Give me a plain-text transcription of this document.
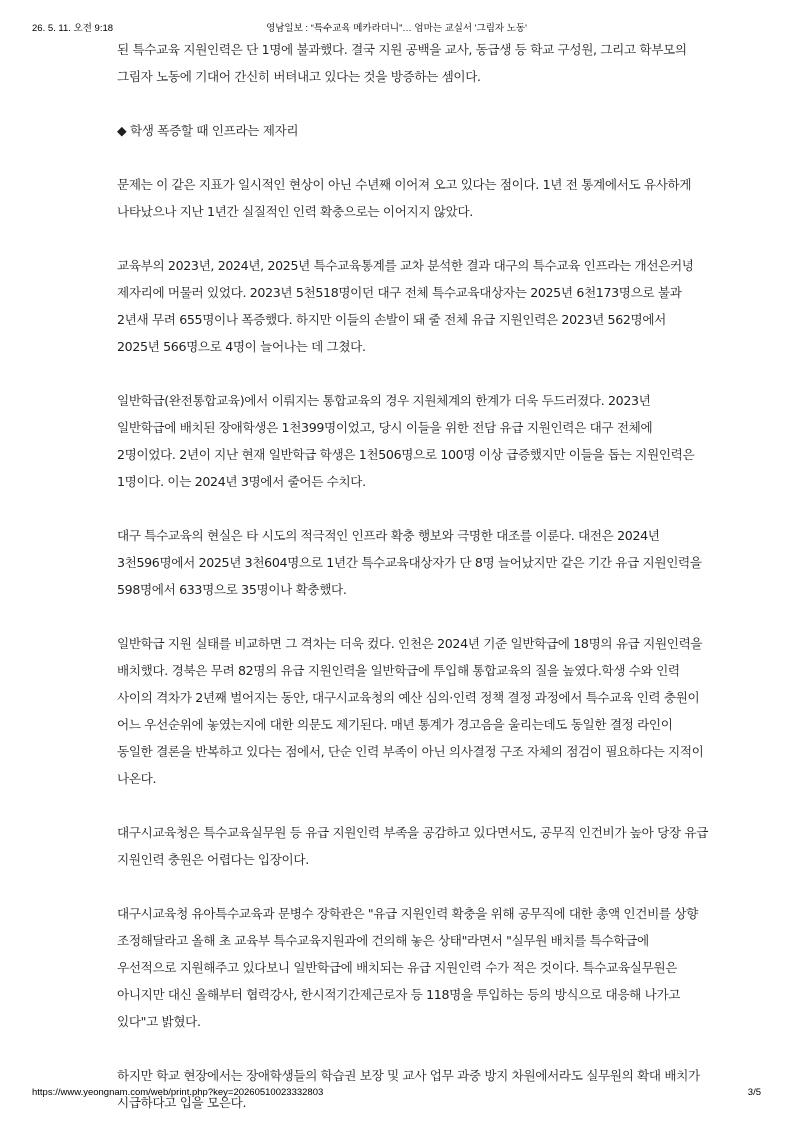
26. 5. 11. 오전 9:18	영남일보 : “특수교육 메카라더니”… 엄마는 교실서 '그림자 노동'

된 특수교육 지원인력은 단 1명에 불과했다. 결국 지원 공백을 교사, 동급생 등 학교 구성원, 그리고 학부모의 그림자 노동에 기대어 간신히 버텨내고 있다는 것을 방증하는 셈이다.

◆ 학생 폭증할 때 인프라는 제자리

문제는 이 같은 지표가 일시적인 현상이 아닌 수년째 이어져 오고 있다는 점이다. 1년 전 통계에서도 유사하게 나타났으나 지난 1년간 실질적인 인력 확충으로는 이어지지 않았다.

교육부의 2023년, 2024년, 2025년 특수교육통계를 교차 분석한 결과 대구의 특수교육 인프라는 개선은커녕 제자리에 머물러 있었다. 2023년 5천518명이던 대구 전체 특수교육대상자는 2025년 6천173명으로 불과 2년새 무려 655명이나 폭증했다. 하지만 이들의 손발이 돼 줄 전체 유급 지원인력은 2023년 562명에서 2025년 566명으로 4명이 늘어나는 데 그쳤다.

일반학급(완전통합교육)에서 이뤄지는 통합교육의 경우 지원체계의 한계가 더욱 두드러졌다. 2023년 일반학급에 배치된 장애학생은 1천399명이었고, 당시 이들을 위한 전담 유급 지원인력은 대구 전체에 2명이었다. 2년이 지난 현재 일반학급 학생은 1천506명으로 100명 이상 급증했지만 이들을 돕는 지원인력은 1명이다. 이는 2024년 3명에서 줄어든 수치다.

대구 특수교육의 현실은 타 시도의 적극적인 인프라 확충 행보와 극명한 대조를 이룬다. 대전은 2024년 3천596명에서 2025년 3천604명으로 1년간 특수교육대상자가 단 8명 늘어났지만 같은 기간 유급 지원인력을 598명에서 633명으로 35명이나 확충했다.

일반학급 지원 실태를 비교하면 그 격차는 더욱 컸다. 인천은 2024년 기준 일반학급에 18명의 유급 지원인력을 배치했다. 경북은 무려 82명의 유급 지원인력을 일반학급에 투입해 통합교육의 질을 높였다.학생 수와 인력 사이의 격차가 2년째 벌어지는 동안, 대구시교육청의 예산 심의·인력 정책 결정 과정에서 특수교육 인력 충원이 어느 우선순위에 놓였는지에 대한 의문도 제기된다. 매년 통계가 경고음을 울리는데도 동일한 결정 라인이 동일한 결론을 반복하고 있다는 점에서, 단순 인력 부족이 아닌 의사결정 구조 자체의 점검이 필요하다는 지적이 나온다.

대구시교육청은 특수교육실무원 등 유급 지원인력 부족을 공감하고 있다면서도, 공무직 인건비가 높아 당장 유급 지원인력 충원은 어렵다는 입장이다.

대구시교육청 유아특수교육과 문병수 장학관은 "유급 지원인력 확충을 위해 공무직에 대한 총액 인건비를 상향 조정해달라고 올해 초 교육부 특수교육지원과에 건의해 놓은 상태"라면서 "실무원 배치를 특수학급에 우선적으로 지원해주고 있다보니 일반학급에 배치되는 유급 지원인력 수가 적은 것이다. 특수교육실무원은 아니지만 대신 올해부터 협력강사, 한시적기간제근로자 등 118명을 투입하는 등의 방식으로 대응해 나가고 있다"고 밝혔다.

하지만 학교 현장에서는 장애학생들의 학습권 보장 및 교사 업무 과중 방지 차원에서라도 실무원의 확대 배치가 시급하다고 입을 모은다.

https://www.yeongnam.com/web/print.php?key=20260510023332803	3/5
